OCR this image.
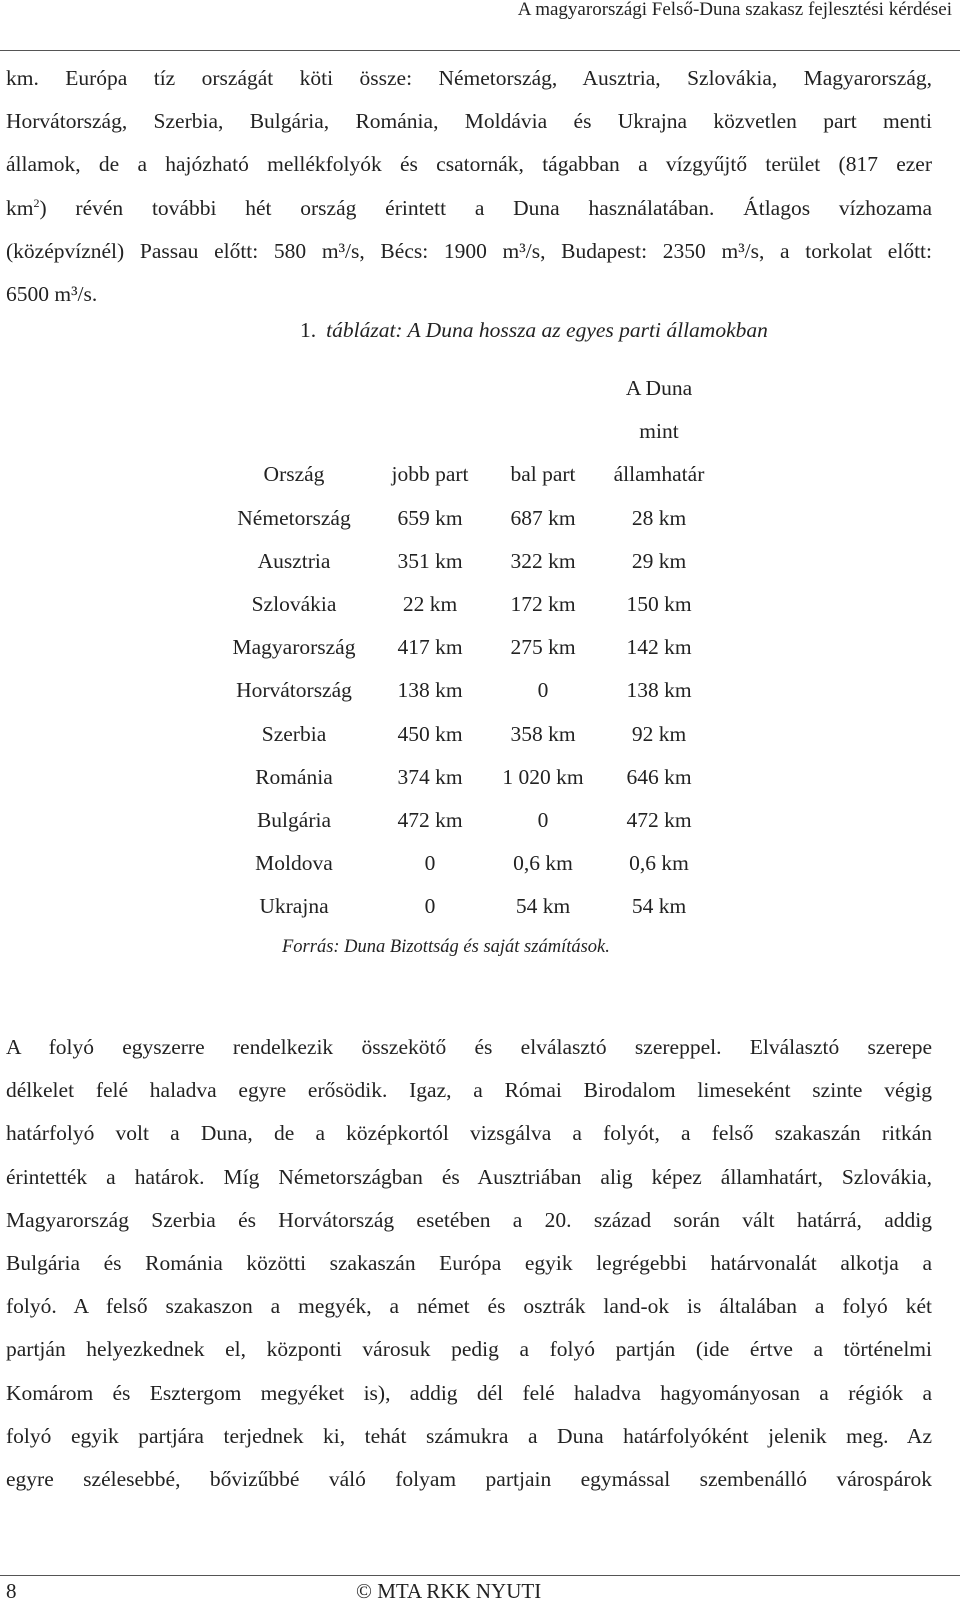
A magyarországi Felső-Duna szakasz fejlesztési kérdései
km. Európa tíz országát köti össze: Németország, Ausztria, Szlovákia, Magyarország,
Horvátország, Szerbia, Bulgária, Románia, Moldávia és Ukrajna közvetlen part menti
államok, de a hajózható mellékfolyók és csatornák, tágabban a vízgyűjtő terület (817 ezer
$km^2$) révén további hét ország érintett a Duna használatában. Átlagos vízhozama
(középvíznél) Passau előtt: 580 m³/s, Bécs: 1900 m³/s, Budapest: 2350 m³/s, a torkolat előtt:
6500 m³/s.
1. táblázat: A Duna hossza az egyes parti államokban
			A Duna
			mint
Ország	jobb part	bal part	államhatár
Németország	659 km	687 km	28 km
Ausztria	351 km	322 km	29 km
Szlovákia	22 km	172 km	150 km
Magyarország	417 km	275 km	142 km
Horvátország	138 km	0	138 km
Szerbia	450 km	358 km	92 km
Románia	374 km	1 020 km	646 km
Bulgária	472 km	0	472 km
Moldova	0	0,6 km	0,6 km
Ukrajna	0	54 km	54 km
Forrás: Duna Bizottság és saját számítások.
A folyó egyszerre rendelkezik összekötő és elválasztó szereppel. Elválasztó szerepe
délkelet felé haladva egyre erősödik. Igaz, a Római Birodalom limeseként szinte végig
határfolyó volt a Duna, de a középkortól vizsgálva a folyót, a felső szakaszán ritkán
érintették a határok. Míg Németországban és Ausztriában alig képez államhatárt, Szlovákia,
Magyarország Szerbia és Horvátország esetében a 20. század során vált határrá, addig
Bulgária és Románia közötti szakaszán Európa egyik legrégebbi határvonalát alkotja a
folyó. A felső szakaszon a megyék, a német és osztrák land-ok is általában a folyó két
partján helyezkednek el, központi városuk pedig a folyó partján (ide értve a történelmi
Komárom és Esztergom megyéket is), addig dél felé haladva hagyományosan a régiók a
folyó egyik partjára terjednek ki, tehát számukra a Duna határfolyóként jelenik meg. Az
egyre szélesebbé, bővizűbbé váló folyam partjain egymással szembenálló várospárok
8	© MTA RKK NYUTI
